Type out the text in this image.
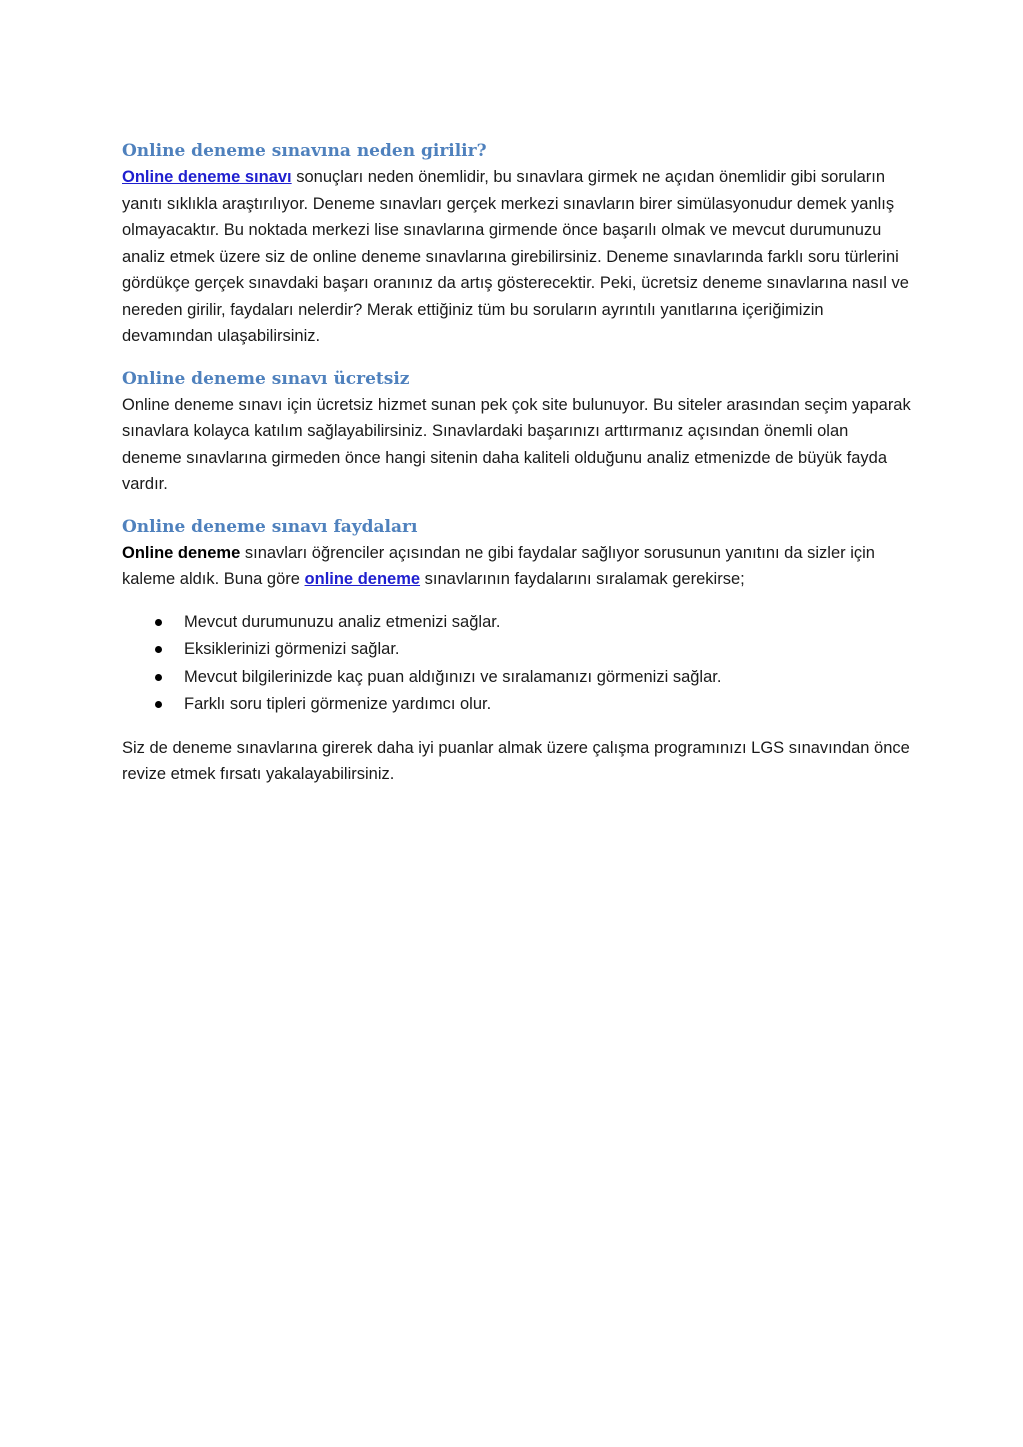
Online deneme sınavına neden girilir?

Online deneme sınavı sonuçları neden önemlidir, bu sınavlara girmek ne açıdan önemlidir gibi soruların yanıtı sıklıkla araştırılıyor. Deneme sınavları gerçek merkezi sınavların birer simülasyonudur demek yanlış olmayacaktır. Bu noktada merkezi lise sınavlarına girmende önce başarılı olmak ve mevcut durumunuzu analiz etmek üzere siz de online deneme sınavlarına girebilirsiniz. Deneme sınavlarında farklı soru türlerini gördükçe gerçek sınavdaki başarı oranınız da artış gösterecektir. Peki, ücretsiz deneme sınavlarına nasıl ve nereden girilir, faydaları nelerdir? Merak ettiğiniz tüm bu soruların ayrıntılı yanıtlarına içeriğimizin devamından ulaşabilirsiniz.

Online deneme sınavı ücretsiz

Online deneme sınavı için ücretsiz hizmet sunan pek çok site bulunuyor. Bu siteler arasından seçim yaparak sınavlara kolayca katılım sağlayabilirsiniz. Sınavlardaki başarınızı arttırmanız açısından önemli olan deneme sınavlarına girmeden önce hangi sitenin daha kaliteli olduğunu analiz etmenizde de büyük fayda vardır.

Online deneme sınavı faydaları

Online deneme sınavları öğrenciler açısından ne gibi faydalar sağlıyor sorusunun yanıtını da sizler için kaleme aldık. Buna göre online deneme sınavlarının faydalarını sıralamak gerekirse;

Mevcut durumunuzu analiz etmenizi sağlar.
Eksiklerinizi görmenizi sağlar.
Mevcut bilgilerinizde kaç puan aldığınızı ve sıralamanızı görmenizi sağlar.
Farklı soru tipleri görmenize yardımcı olur.

Siz de deneme sınavlarına girerek daha iyi puanlar almak üzere çalışma programınızı LGS sınavından önce revize etmek fırsatı yakalayabilirsiniz.
